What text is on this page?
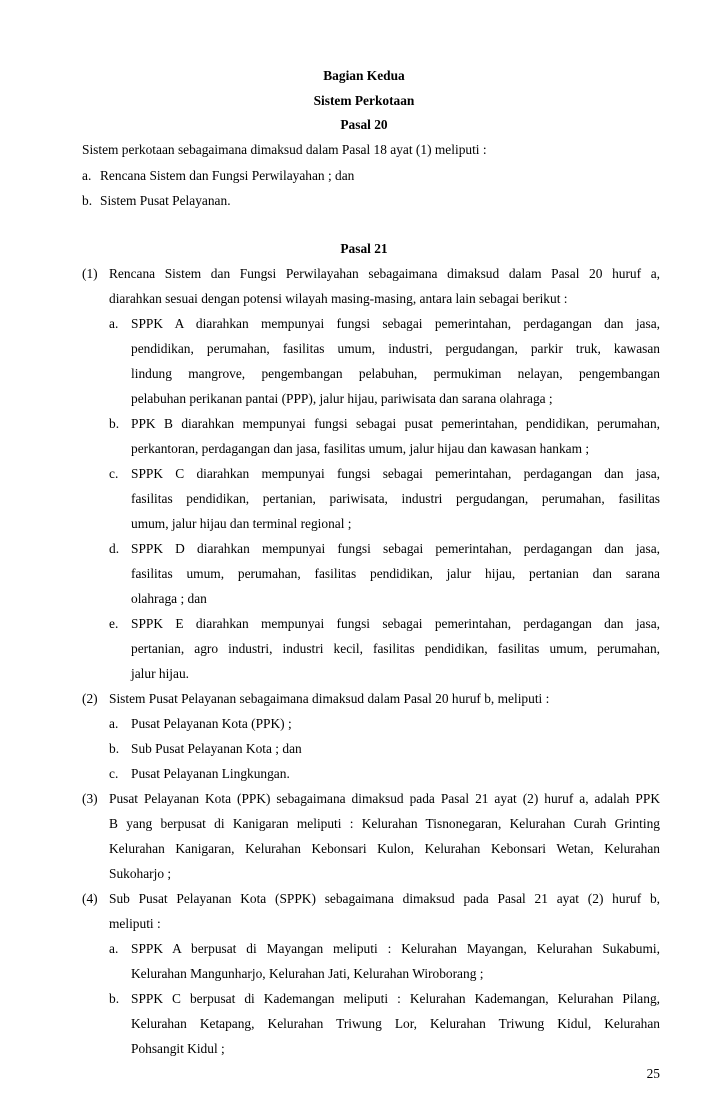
Bagian Kedua
Sistem Perkotaan
Pasal 20
Sistem perkotaan sebagaimana dimaksud dalam Pasal 18 ayat (1) meliputi :
a. Rencana Sistem dan Fungsi Perwilayahan ; dan
b. Sistem Pusat Pelayanan.
Pasal 21
(1) Rencana Sistem dan Fungsi Perwilayahan sebagaimana dimaksud dalam Pasal 20 huruf a,
diarahkan sesuai dengan potensi wilayah masing-masing, antara lain sebagai berikut :
a. SPPK A diarahkan mempunyai fungsi sebagai pemerintahan, perdagangan dan jasa,
pendidikan, perumahan, fasilitas umum, industri, pergudangan, parkir truk, kawasan
lindung mangrove, pengembangan pelabuhan, permukiman nelayan, pengembangan
pelabuhan perikanan pantai (PPP), jalur hijau, pariwisata dan sarana olahraga ;
b. PPK B diarahkan mempunyai fungsi sebagai pusat pemerintahan, pendidikan, perumahan,
perkantoran, perdagangan dan jasa, fasilitas umum, jalur hijau dan kawasan hankam ;
c. SPPK C diarahkan mempunyai fungsi sebagai pemerintahan, perdagangan dan jasa,
fasilitas pendidikan, pertanian, pariwisata, industri pergudangan, perumahan, fasilitas
umum, jalur hijau dan terminal regional ;
d. SPPK D diarahkan mempunyai fungsi sebagai pemerintahan, perdagangan dan jasa,
fasilitas umum, perumahan, fasilitas pendidikan, jalur hijau, pertanian dan sarana
olahraga ; dan
e. SPPK E diarahkan mempunyai fungsi sebagai pemerintahan, perdagangan dan jasa,
pertanian, agro industri, industri kecil, fasilitas pendidikan, fasilitas umum, perumahan,
jalur hijau.
(2) Sistem Pusat Pelayanan sebagaimana dimaksud dalam Pasal 20 huruf b, meliputi :
a. Pusat Pelayanan Kota (PPK) ;
b. Sub Pusat Pelayanan Kota ; dan
c. Pusat Pelayanan Lingkungan.
(3) Pusat Pelayanan Kota (PPK) sebagaimana dimaksud pada Pasal 21 ayat (2) huruf a, adalah PPK
B yang berpusat di Kanigaran meliputi : Kelurahan Tisnonegaran, Kelurahan Curah Grinting
Kelurahan Kanigaran, Kelurahan Kebonsari Kulon, Kelurahan Kebonsari Wetan, Kelurahan
Sukoharjo ;
(4) Sub Pusat Pelayanan Kota (SPPK) sebagaimana dimaksud pada Pasal 21 ayat (2) huruf b,
meliputi :
a. SPPK A berpusat di Mayangan meliputi : Kelurahan Mayangan, Kelurahan Sukabumi,
Kelurahan Mangunharjo, Kelurahan Jati, Kelurahan Wiroborang ;
b. SPPK C berpusat di Kademangan meliputi : Kelurahan Kademangan, Kelurahan Pilang,
Kelurahan Ketapang, Kelurahan Triwung Lor, Kelurahan Triwung Kidul, Kelurahan
Pohsangit Kidul ;
25
